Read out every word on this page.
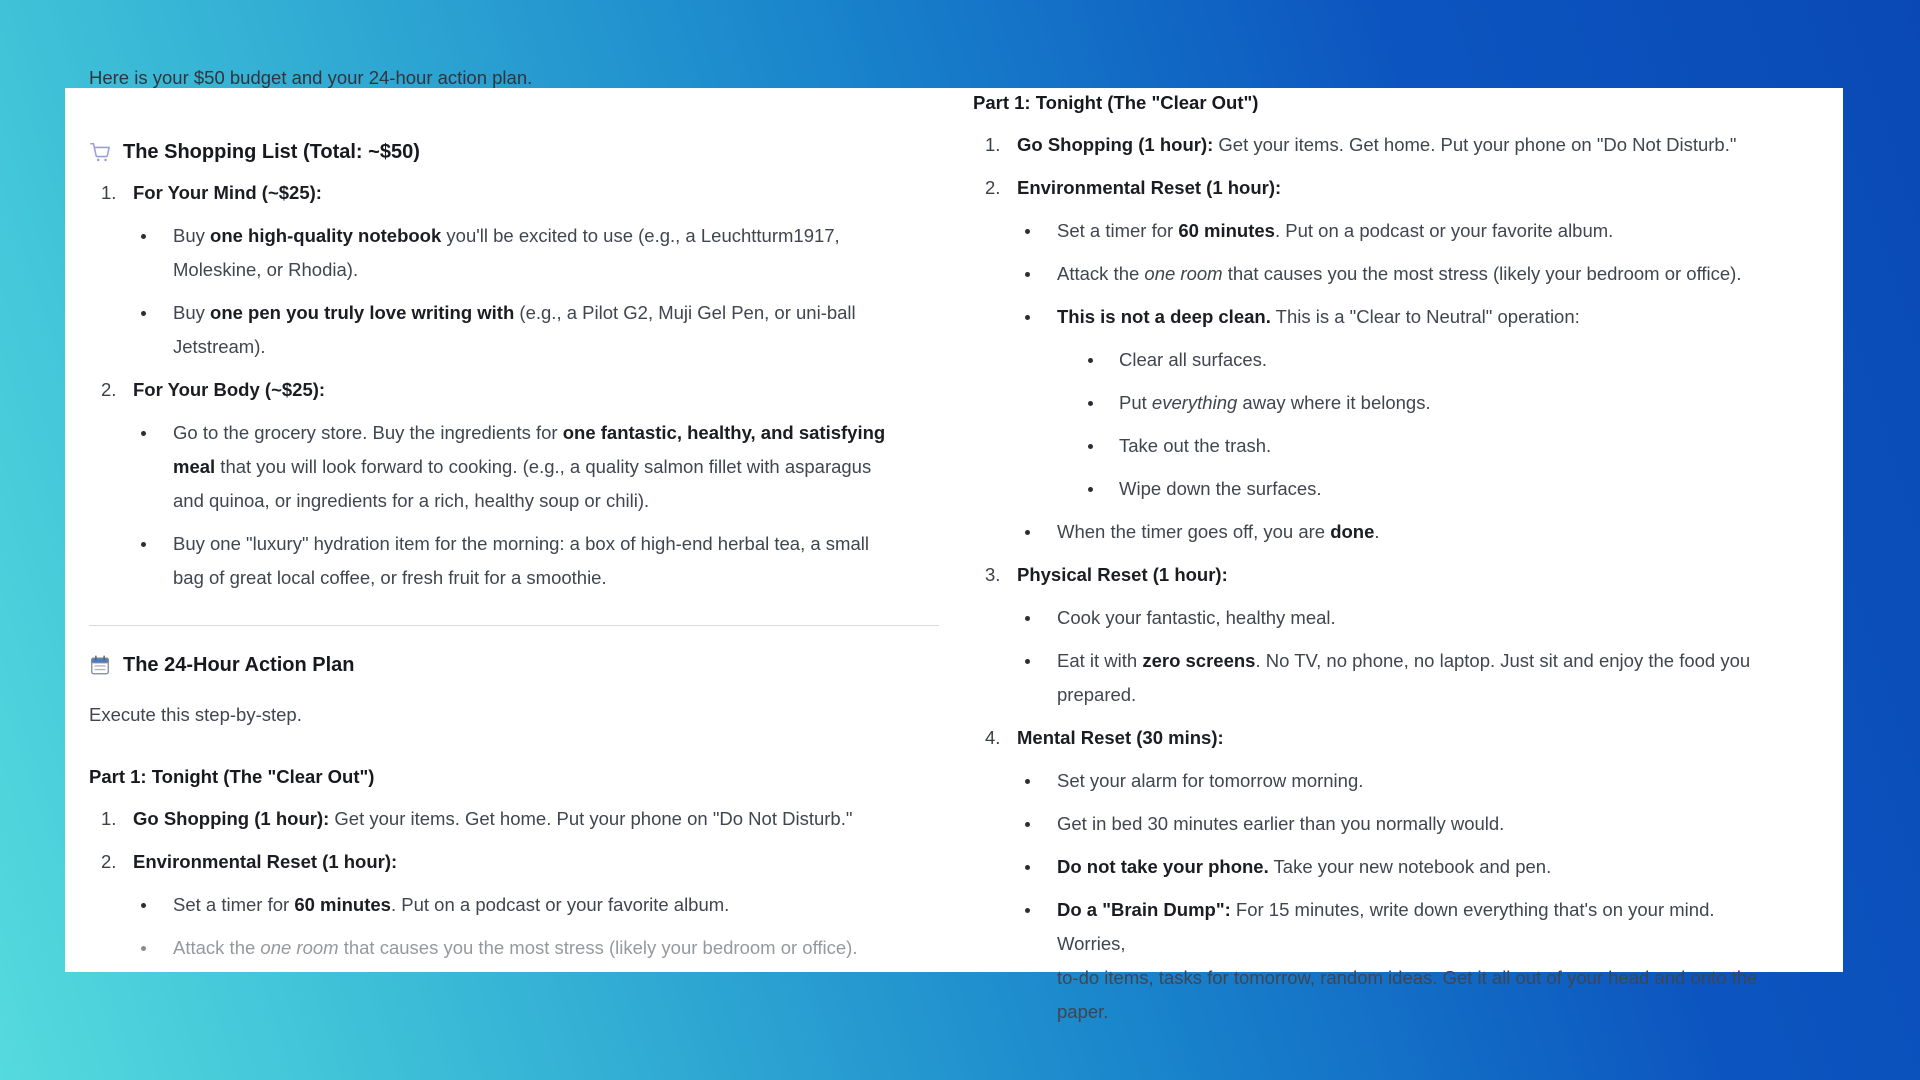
Here is your $50 budget and your 24-hour action plan.

The Shopping List (Total: ~$50)
1. For Your Mind (~$25):
Buy one high-quality notebook you'll be excited to use (e.g., a Leuchtturm1917,
Moleskine, or Rhodia).
Buy one pen you truly love writing with (e.g., a Pilot G2, Muji Gel Pen, or uni-ball
Jetstream).
2. For Your Body (~$25):
Go to the grocery store. Buy the ingredients for one fantastic, healthy, and satisfying
meal that you will look forward to cooking. (e.g., a quality salmon fillet with asparagus
and quinoa, or ingredients for a rich, healthy soup or chili).
Buy one "luxury" hydration item for the morning: a box of high-end herbal tea, a small
bag of great local coffee, or fresh fruit for a smoothie.
The 24-Hour Action Plan

Execute this step-by-step.

Part 1: Tonight (The "Clear Out")

1. Go Shopping (1 hour): Get your items. Get home. Put your phone on "Do Not Disturb."
2. Environmental Reset (1 hour):
Set a timer for 60 minutes. Put on a podcast or your favorite album.
Attack the one room that causes you the most stress (likely your bedroom or office).

Part 1: Tonight (The "Clear Out")

1. Go Shopping (1 hour): Get your items. Get home. Put your phone on "Do Not Disturb."
2. Environmental Reset (1 hour):
Set a timer for 60 minutes. Put on a podcast or your favorite album.
Attack the one room that causes you the most stress (likely your bedroom or office).
This is not a deep clean. This is a "Clear to Neutral" operation:
Clear all surfaces.
Put everything away where it belongs.
Take out the trash.
Wipe down the surfaces.
When the timer goes off, you are done.
3. Physical Reset (1 hour):
Cook your fantastic, healthy meal.
Eat it with zero screens. No TV, no phone, no laptop. Just sit and enjoy the food you
prepared.
4. Mental Reset (30 mins):
Set your alarm for tomorrow morning.
Get in bed 30 minutes earlier than you normally would.
Do not take your phone. Take your new notebook and pen.
Do a "Brain Dump": For 15 minutes, write down everything that's on your mind. Worries,
to-do items, tasks for tomorrow, random ideas. Get it all out of your head and onto the
paper.
